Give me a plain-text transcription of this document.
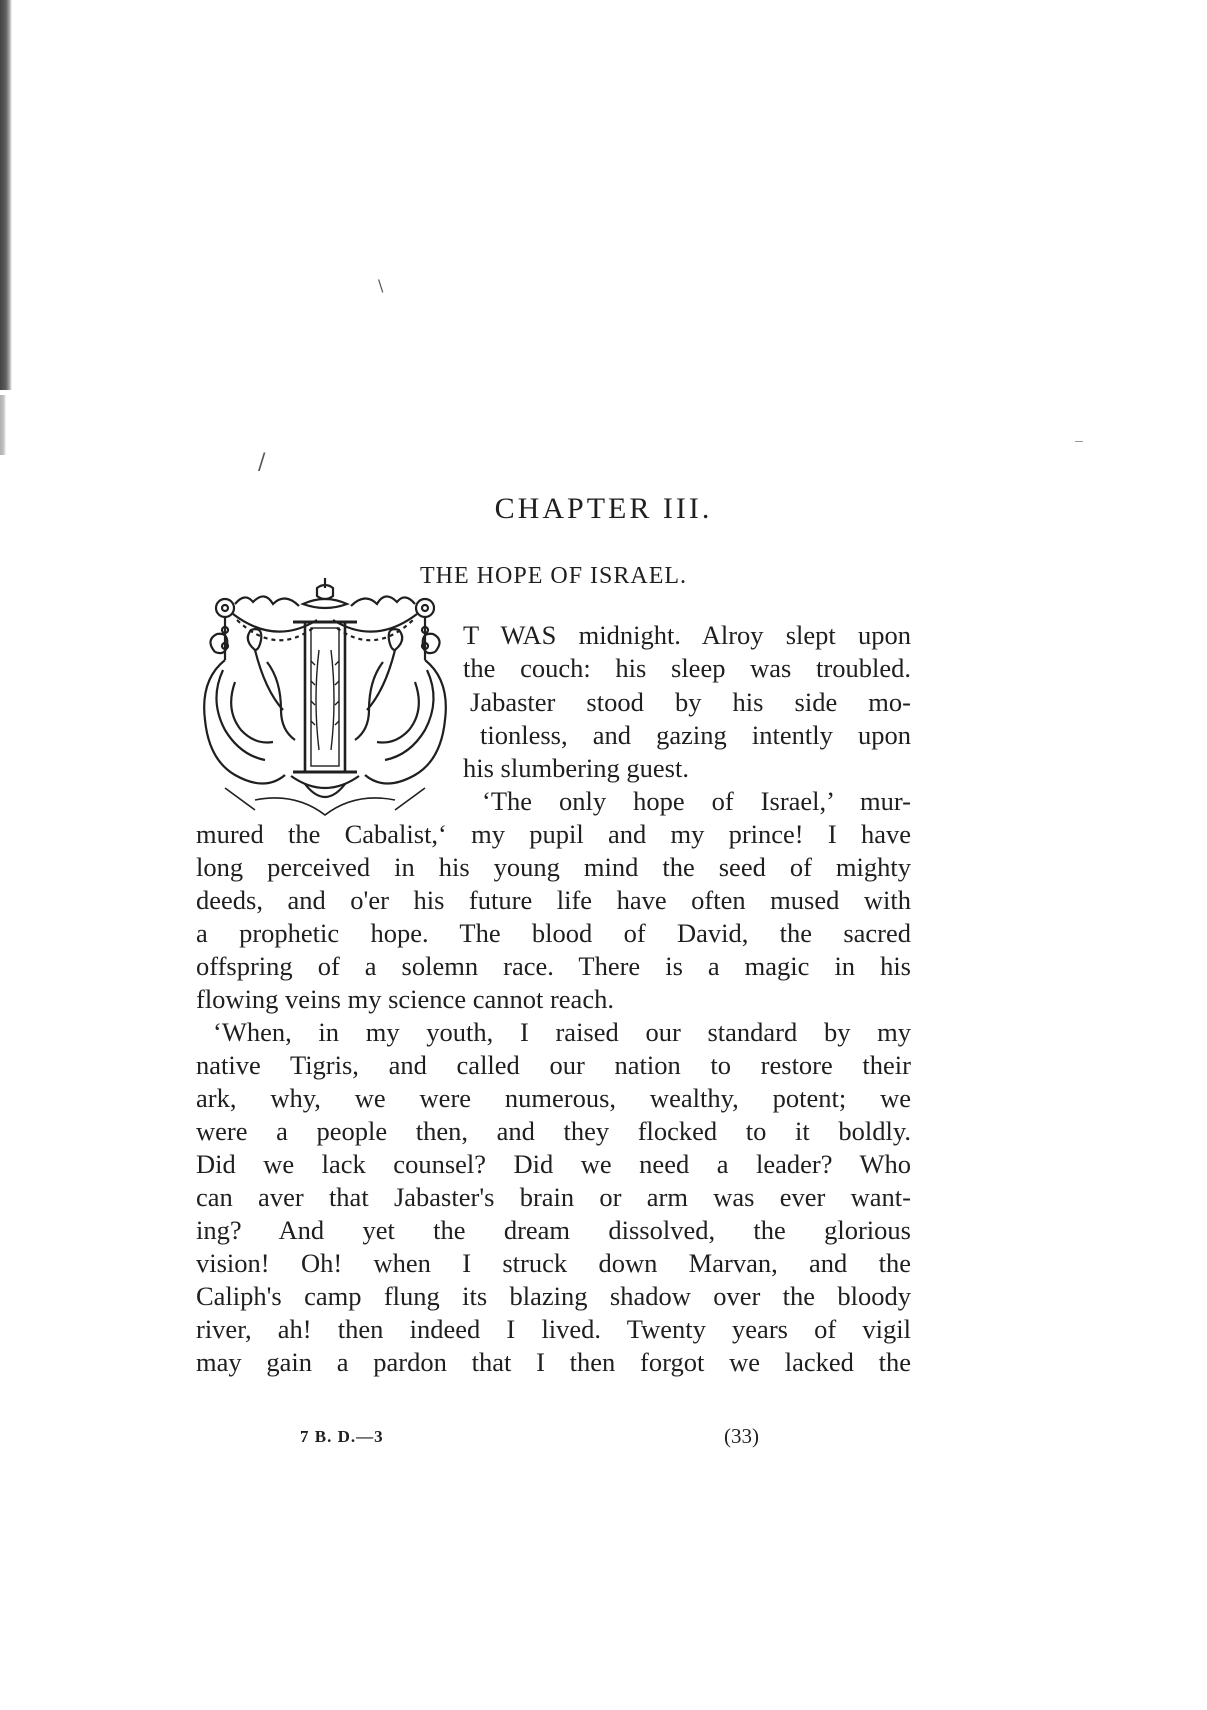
\
/
‾
CHAPTER III.
THE HOPE OF ISRAEL.
T WAS midnight. Alroy slept upon
the couch: his sleep was troubled.
Jabaster stood by his side mo-
tionless, and gazing intently upon
his slumbering guest.
‘The only hope of Israel,’ mur-
mured the Cabalist,‘ my pupil and my prince! I have
long perceived in his young mind the seed of mighty
deeds, and o'er his future life have often mused with
a prophetic hope. The blood of David, the sacred
offspring of a solemn race. There is a magic in his
flowing veins my science cannot reach.
‘When, in my youth, I raised our standard by my
native Tigris, and called our nation to restore their
ark, why, we were numerous, wealthy, potent; we
were a people then, and they flocked to it boldly.
Did we lack counsel? Did we need a leader? Who
can aver that Jabaster's brain or arm was ever want-
ing? And yet the dream dissolved, the glorious
vision! Oh! when I struck down Marvan, and the
Caliph's camp flung its blazing shadow over the bloody
river, ah! then indeed I lived. Twenty years of vigil
may gain a pardon that I then forgot we lacked the
7 B. D.—3	(33)
